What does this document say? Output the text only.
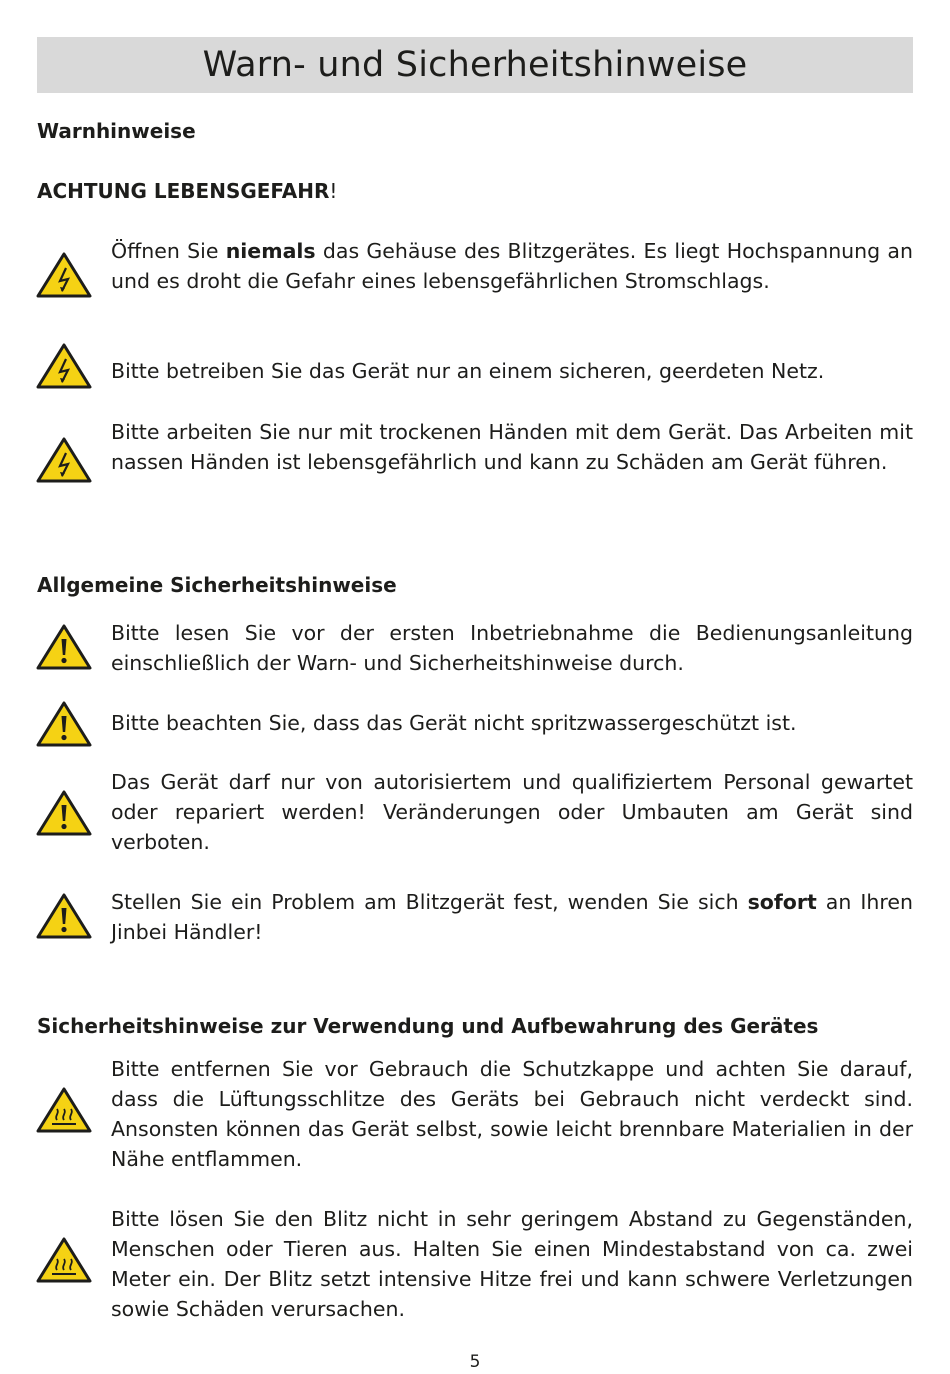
Warn- und Sicherheitshinweise
Warnhinweise

ACHTUNG LEBENSGEFAHR!

Öffnen Sie niemals das Gehäuse des Blitzgerätes. Es liegt Hochspannung an und es droht die Gefahr eines lebensgefährlichen Stromschlags.

Bitte betreiben Sie das Gerät nur an einem sicheren, geerdeten Netz.

Bitte arbeiten Sie nur mit trockenen Händen mit dem Gerät. Das Arbeiten mit nassen Händen ist lebensgefährlich und kann zu Schäden am Gerät führen.

Allgemeine Sicherheitshinweise

Bitte lesen Sie vor der ersten Inbetriebnahme die Bedienungsanleitung einschließlich der Warn- und Sicherheitshinweise durch.

Bitte beachten Sie, dass das Gerät nicht spritzwassergeschützt ist.

Das Gerät darf nur von autorisiertem und qualifiziertem Personal gewartet oder repariert werden! Veränderungen oder Umbauten am Gerät sind verboten.

Stellen Sie ein Problem am Blitzgerät fest, wenden Sie sich sofort an Ihren Jinbei Händler!

Sicherheitshinweise zur Verwendung und Aufbewahrung des Gerätes

Bitte entfernen Sie vor Gebrauch die Schutzkappe und achten Sie darauf, dass die Lüftungsschlitze des Geräts bei Gebrauch nicht verdeckt sind. Ansonsten können das Gerät selbst, sowie leicht brennbare Materialien in der Nähe entflammen.

Bitte lösen Sie den Blitz nicht in sehr geringem Abstand zu Gegenständen, Menschen oder Tieren aus. Halten Sie einen Mindestabstand von ca. zwei Meter ein. Der Blitz setzt intensive Hitze frei und kann schwere Verletzungen sowie Schäden verursachen.

5
